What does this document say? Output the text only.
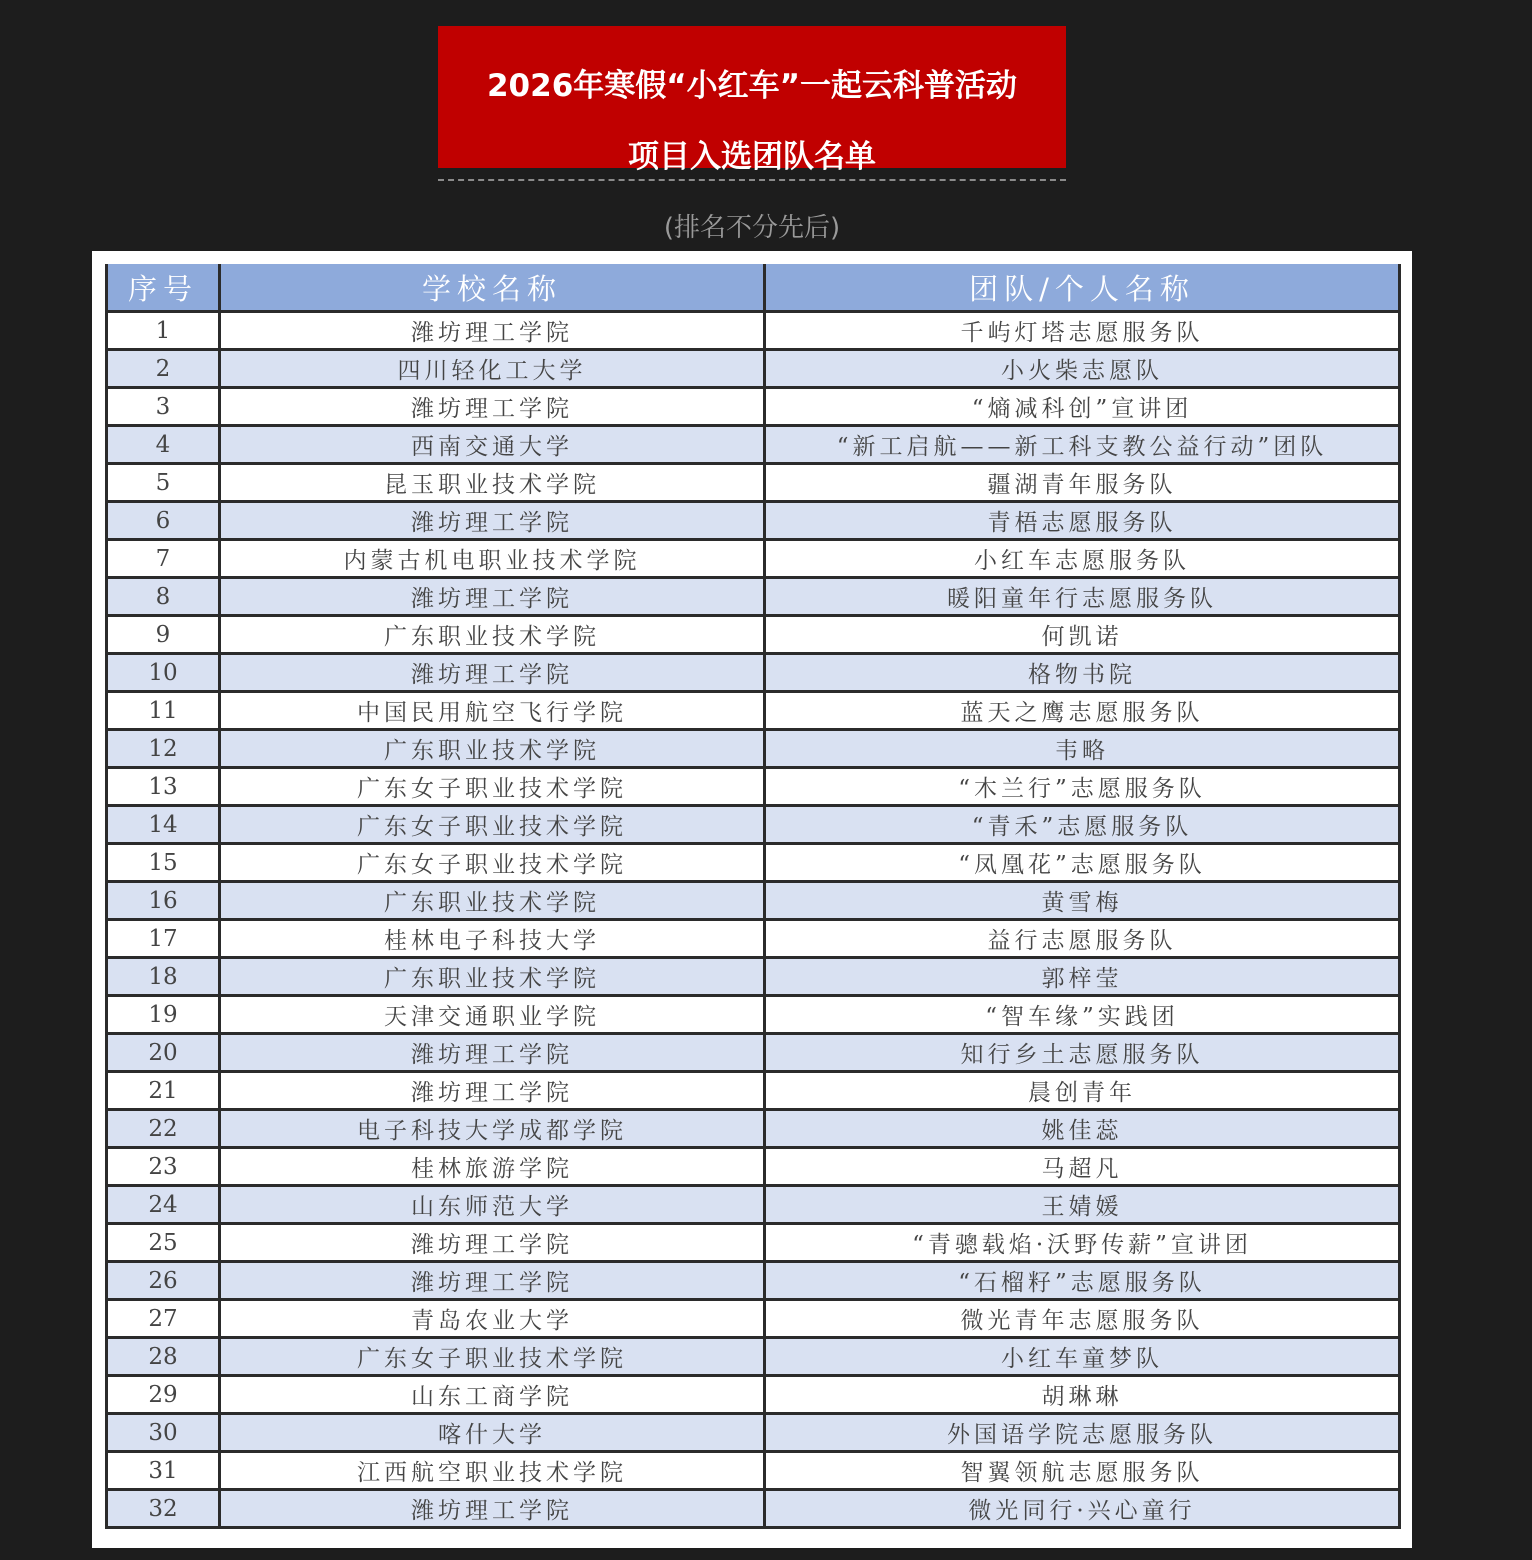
2026年寒假“小红车”一起云科普活动
项目入选团队名单
(排名不分先后)
序号	学校名称	团队/个人名称
1	潍坊理工学院	千屿灯塔志愿服务队
2	四川轻化工大学	小火柴志愿队
3	潍坊理工学院	“熵减科创”宣讲团
4	西南交通大学	“新工启航——新工科支教公益行动”团队
5	昆玉职业技术学院	疆湖青年服务队
6	潍坊理工学院	青梧志愿服务队
7	内蒙古机电职业技术学院	小红车志愿服务队
8	潍坊理工学院	暖阳童年行志愿服务队
9	广东职业技术学院	何凯诺
10	潍坊理工学院	格物书院
11	中国民用航空飞行学院	蓝天之鹰志愿服务队
12	广东职业技术学院	韦略
13	广东女子职业技术学院	“木兰行”志愿服务队
14	广东女子职业技术学院	“青禾”志愿服务队
15	广东女子职业技术学院	“凤凰花”志愿服务队
16	广东职业技术学院	黄雪梅
17	桂林电子科技大学	益行志愿服务队
18	广东职业技术学院	郭梓莹
19	天津交通职业学院	“智车缘”实践团
20	潍坊理工学院	知行乡土志愿服务队
21	潍坊理工学院	晨创青年
22	电子科技大学成都学院	姚佳蕊
23	桂林旅游学院	马超凡
24	山东师范大学	王婧媛
25	潍坊理工学院	“青骢载焰·沃野传薪”宣讲团
26	潍坊理工学院	“石榴籽”志愿服务队
27	青岛农业大学	微光青年志愿服务队
28	广东女子职业技术学院	小红车童梦队
29	山东工商学院	胡琳琳
30	喀什大学	外国语学院志愿服务队
31	江西航空职业技术学院	智翼领航志愿服务队
32	潍坊理工学院	微光同行·兴心童行
